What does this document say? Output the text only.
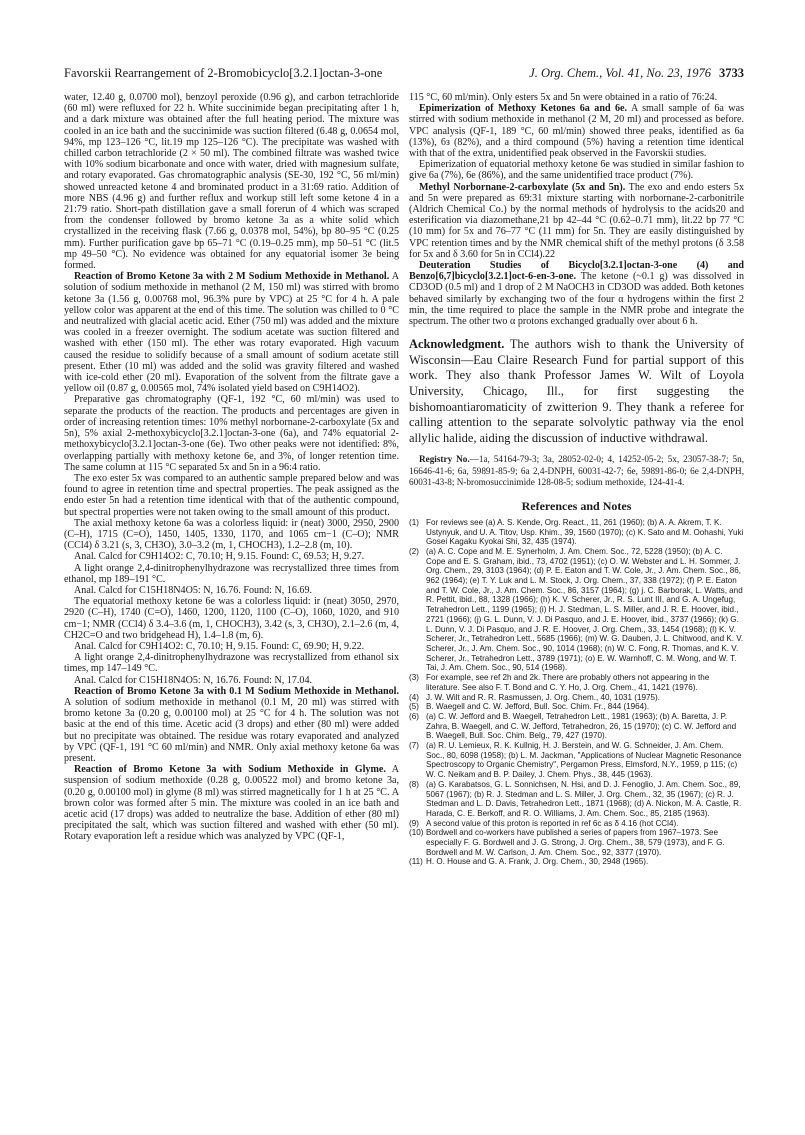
Favorskii Rearrangement of 2-Bromobicyclo[3.2.1]octan-3-one	J. Org. Chem., Vol. 41, No. 23, 1976 3733

water, 12.40 g, 0.0700 mol), benzoyl peroxide (0.96 g), and carbon tetrachloride (60 ml) were refluxed for 22 h. White succinimide began precipitating after 1 h, and a dark mixture was obtained after the full heating period. The mixture was cooled in an ice bath and the succinimide was suction filtered (6.48 g, 0.0654 mol, 94%, mp 123–126 °C, lit.19 mp 125–126 °C). The precipitate was washed with chilled carbon tetrachloride (2 × 50 ml). The combined filtrate was washed twice with 10% sodium bicarbonate and once with water, dried with magnesium sulfate, and rotary evaporated. Gas chromatographic analysis (SE-30, 192 °C, 56 ml/min) showed unreacted ketone 4 and brominated product in a 31:69 ratio. Addition of more NBS (4.96 g) and further reflux and workup still left some ketone 4 in a 21:79 ratio. Short-path distillation gave a small forerun of 4 which was scraped from the condenser followed by bromo ketone 3a as a white solid which crystallized in the receiving flask (7.66 g, 0.0378 mol, 54%), bp 80–95 °C (0.25 mm). Further purification gave bp 65–71 °C (0.19–0.25 mm), mp 50–51 °C (lit.5 mp 49–50 °C). No evidence was obtained for any equatorial isomer 3e being formed.

Reaction of Bromo Ketone 3a with 2 M Sodium Methoxide in Methanol. A solution of sodium methoxide in methanol (2 M, 150 ml) was stirred with bromo ketone 3a (1.56 g, 0.00768 mol, 96.3% pure by VPC) at 25 °C for 4 h. A pale yellow color was apparent at the end of this time. The solution was chilled to 0 °C and neutralized with glacial acetic acid. Ether (750 ml) was added and the mixture was cooled in a freezer overnight. The sodium acetate was suction filtered and washed with ether (150 ml). The ether was rotary evaporated. High vacuum caused the residue to solidify because of a small amount of sodium acetate still present. Ether (10 ml) was added and the solid was gravity filtered and washed with ice-cold ether (20 ml). Evaporation of the solvent from the filtrate gave a yellow oil (0.87 g, 0.00565 mol, 74% isolated yield based on C9H14O2).

Preparative gas chromatography (QF-1, 192 °C, 60 ml/min) was used to separate the products of the reaction. The products and percentages are given in order of increasing retention times: 10% methyl norbornane-2-carboxylate (5x and 5n), 5% axial 2-methoxybicyclo[3.2.1]octan-3-one (6a), and 74% equatorial 2-methoxybicyclo[3.2.1]octan-3-one (6e). Two other peaks were not identified: 8%, overlapping partially with methoxy ketone 6e, and 3%, of longer retention time. The same column at 115 °C separated 5x and 5n in a 96:4 ratio.

The exo ester 5x was compared to an authentic sample prepared below and was found to agree in retention time and spectral properties. The peak assigned as the endo ester 5n had a retention time identical with that of the authentic compound, but spectral properties were not taken owing to the small amount of this product.

The axial methoxy ketone 6a was a colorless liquid: ir (neat) 3000, 2950, 2900 (C–H), 1715 (C=O), 1450, 1405, 1330, 1170, and 1065 cm−1 (C–O); NMR (CCl4) δ 3.21 (s, 3, CH3O), 3.0–3.2 (m, 1, CHOCH3), 1.2–2.8 (m, 10).

Anal. Calcd for C9H14O2: C, 70.10; H, 9.15. Found: C, 69.53; H, 9.27.

A light orange 2,4-dinitrophenylhydrazone was recrystallized three times from ethanol, mp 189–191 °C.

Anal. Calcd for C15H18N4O5: N, 16.76. Found: N, 16.69.

The equatorial methoxy ketone 6e was a colorless liquid: ir (neat) 3050, 2970, 2920 (C–H), 1740 (C=O), 1460, 1200, 1120, 1100 (C–O), 1060, 1020, and 910 cm−1; NMR (CCl4) δ 3.4–3.6 (m, 1, CHOCH3), 3.42 (s, 3, CH3O), 2.1–2.6 (m, 4, CH2C=O and two bridgehead H), 1.4–1.8 (m, 6).

Anal. Calcd for C9H14O2: C, 70.10; H, 9.15. Found: C, 69.90; H, 9.22.

A light orange 2,4-dinitrophenylhydrazone was recrystallized from ethanol six times, mp 147–149 °C.

Anal. Calcd for C15H18N4O5: N, 16.76. Found: N, 17.04.

Reaction of Bromo Ketone 3a with 0.1 M Sodium Methoxide in Methanol. A solution of sodium methoxide in methanol (0.1 M, 20 ml) was stirred with bromo ketone 3a (0.20 g, 0.00100 mol) at 25 °C for 4 h. The solution was not basic at the end of this time. Acetic acid (3 drops) and ether (80 ml) were added but no precipitate was obtained. The residue was rotary evaporated and analyzed by VPC (QF-1, 191 °C 60 ml/min) and NMR. Only axial methoxy ketone 6a was present.

Reaction of Bromo Ketone 3a with Sodium Methoxide in Glyme. A suspension of sodium methoxide (0.28 g, 0.00522 mol) and bromo ketone 3a, (0.20 g, 0.00100 mol) in glyme (8 ml) was stirred magnetically for 1 h at 25 °C. A brown color was formed after 5 min. The mixture was cooled in an ice bath and acetic acid (17 drops) was added to neutralize the base. Addition of ether (80 ml) precipitated the salt, which was suction filtered and washed with ether (50 ml). Rotary evaporation left a residue which was analyzed by VPC (QF-1,

115 °C, 60 ml/min). Only esters 5x and 5n were obtained in a ratio of 76:24.

Epimerization of Methoxy Ketones 6a and 6e. A small sample of 6a was stirred with sodium methoxide in methanol (2 M, 20 ml) and processed as before. VPC analysis (QF-1, 189 °C, 60 ml/min) showed three peaks, identified as 6a (13%), 6з (82%), and a third compound (5%) having a retention time identical with that of the extra, unidentified peak observed in the Favorskii studies.

Epimerization of equatorial methoxy ketone 6e was studied in similar fashion to give 6a (7%), 6e (86%), and the same unidentified trace product (7%).

Methyl Norbornane-2-carboxylate (5x and 5n). The exo and endo esters 5x and 5n were prepared as 69:31 mixture starting with norbornane-2-carbonitrile (Aldrich Chemical Co.) by the normal methods of hydrolysis to the acids20 and esterification via diazomethane,21 bp 42–44 °C (0.62–0.71 mm), lit.22 bp 77 °C (10 mm) for 5x and 76–77 °C (11 mm) for 5n. They are easily distinguished by VPC retention times and by the NMR chemical shift of the methyl protons (δ 3.58 for 5x and δ 3.60 for 5n in CCl4).22

Deuteration Studies of Bicyclo[3.2.1]octan-3-one (4) and Benzo[6,7]bicyclo[3.2.1]oct-6-en-3-one. The ketone (~0.1 g) was dissolved in CD3OD (0.5 ml) and 1 drop of 2 M NaOCH3 in CD3OD was added. Both ketones behaved similarly by exchanging two of the four α hydrogens within the first 2 min, the time required to place the sample in the NMR probe and integrate the spectrum. The other two α protons exchanged gradually over about 6 h.

Acknowledgment. The authors wish to thank the University of Wisconsin—Eau Claire Research Fund for partial support of this work. They also thank Professor James W. Wilt of Loyola University, Chicago, Ill., for first suggesting the bishomoantiaromaticity of zwitterion 9. They thank a referee for calling attention to the separate solvolytic pathway via the enol allylic halide, aiding the discussion of inductive withdrawal.

Registry No.—1a, 54164-79-3; 3a, 28052-02-0; 4, 14252-05-2; 5x, 23057-38-7; 5n, 16646-41-6; 6a, 59891-85-9; 6a 2,4-DNPH, 60031-42-7; 6e, 59891-86-0; 6e 2,4-DNPH, 60031-43-8; N-bromosuccinimide 128-08-5; sodium methoxide, 124-41-4.

References and Notes
(1) For reviews see (a) A. S. Kende, Org. React., 11, 261 (1960); (b) A. A. Akrem, T. K. Ustynyuk, and U. A. Titov, Usp. Khim., 39, 1560 (1970); (c) K. Sato and M. Oohashi, Yuki Gosei Kagaku Kyokai Shi, 32, 435 (1974).
(2) (a) A. C. Cope and M. E. Synerholm, J. Am. Chem. Soc., 72, 5228 (1950); (b) A. C. Cope and E. S. Graham, ibid., 73, 4702 (1951); (c) O. W. Webster and L. H. Sommer, J. Org. Chem., 29, 3103 (1964); (d) P. E. Eaton and T. W. Cole, Jr., J. Am. Chem. Soc., 86, 962 (1964); (e) T. Y. Luk and L. M. Stock, J. Org. Chem., 37, 338 (1972); (f) P. E. Eaton and T. W. Cole, Jr., J. Am. Chem. Soc., 86, 3157 (1964); (g) j. C. Barborak, L. Watts, and R. Pettit, ibid., 88, 1328 (1966); (h) K. V. Scherer, Jr., R. S. Lunt III, and G. A. Ungefug, Tetrahedron Lett., 1199 (1965); (i) H. J. Stedman, L. S. Miller, and J. R. E. Hoover, ibid., 2721 (1966); (j) G. L. Dunn, V. J. Di Pasquo, and J. E. Hoover, ibid., 3737 (1966); (k) G. L. Dunn, V. J. Di Pasquo, and J. R. E. Hoover, J. Org. Chem., 33, 1454 (1968); (l) K. V. Scherer, Jr., Tetrahedron Lett., 5685 (1966); (m) W. G. Dauben, J. L. Chitwood, and K. V. Scherer, Jr., J. Am. Chem. Soc., 90, 1014 (1968); (n) W. C. Fong, R. Thomas, and K. V. Scherer, Jr., Tetrahedron Lett., 3789 (1971); (o) E. W. Warnhoff, C. M. Wong, and W. T. Tai, J. Am. Chem. Soc., 90, 514 (1968).
(3) For example, see ref 2h and 2k. There are probably others not appearing in the literature. See also F. T. Bond and C. Y. Ho, J. Org. Chem., 41, 1421 (1976).
(4) J. W. Wilt and R. R. Rasmussen, J. Org. Chem., 40, 1031 (1975).
(5) B. Waegell and C. W. Jefford, Bull. Soc. Chim. Fr., 844 (1964).
(6) (a) C. W. Jefford and B. Waegell, Tetrahedron Lett., 1981 (1963); (b) A. Baretta, J. P. Zahra, B. Waegell, and C. W. Jefford, Tetrahedron, 26, 15 (1970); (c) C. W. Jefford and B. Waegell, Bull. Soc. Chim. Belg., 79, 427 (1970).
(7) (a) R. U. Lemieux, R. K. Kullnig, H. J. Berstein, and W. G. Schneider, J. Am. Chem. Soc., 80, 6098 (1958); (b) L. M. Jackman, "Applications of Nuclear Magnetic Resonance Spectroscopy to Organic Chemistry", Pergamon Press, Elmsford, N.Y., 1959, p 115; (c) W. C. Neikam and B. P. Dailey, J. Chem. Phys., 38, 445 (1963).
(8) (a) G. Karabatsos, G. L. Sonnichsen, N. Hsi, and D. J. Fenoglio, J. Am. Chem. Soc., 89, 5067 (1967); (b) R. J. Stedman and L. S. Miller, J. Org. Chem., 32, 35 (1967); (c) R. J. Stedman and L. D. Davis, Tetrahedron Lett., 1871 (1968); (d) A. Nickon, M. A. Castle, R. Harada, C. E. Berkoff, and R. O. Williams, J. Am. Chem. Soc., 85, 2185 (1963).
(9) A second value of this proton is reported in ref 6c as δ 4.16 (hot CCl4).
(10) Bordwell and co-workers have published a series of papers from 1967–1973. See especially F. G. Bordwell and J. G. Strong, J. Org. Chem., 38, 579 (1973), and F. G. Bordwell and M. W. Carlson, J. Am. Chem. Soc., 92, 3377 (1970).
(11) H. O. House and G. A. Frank, J. Org. Chem., 30, 2948 (1965).
